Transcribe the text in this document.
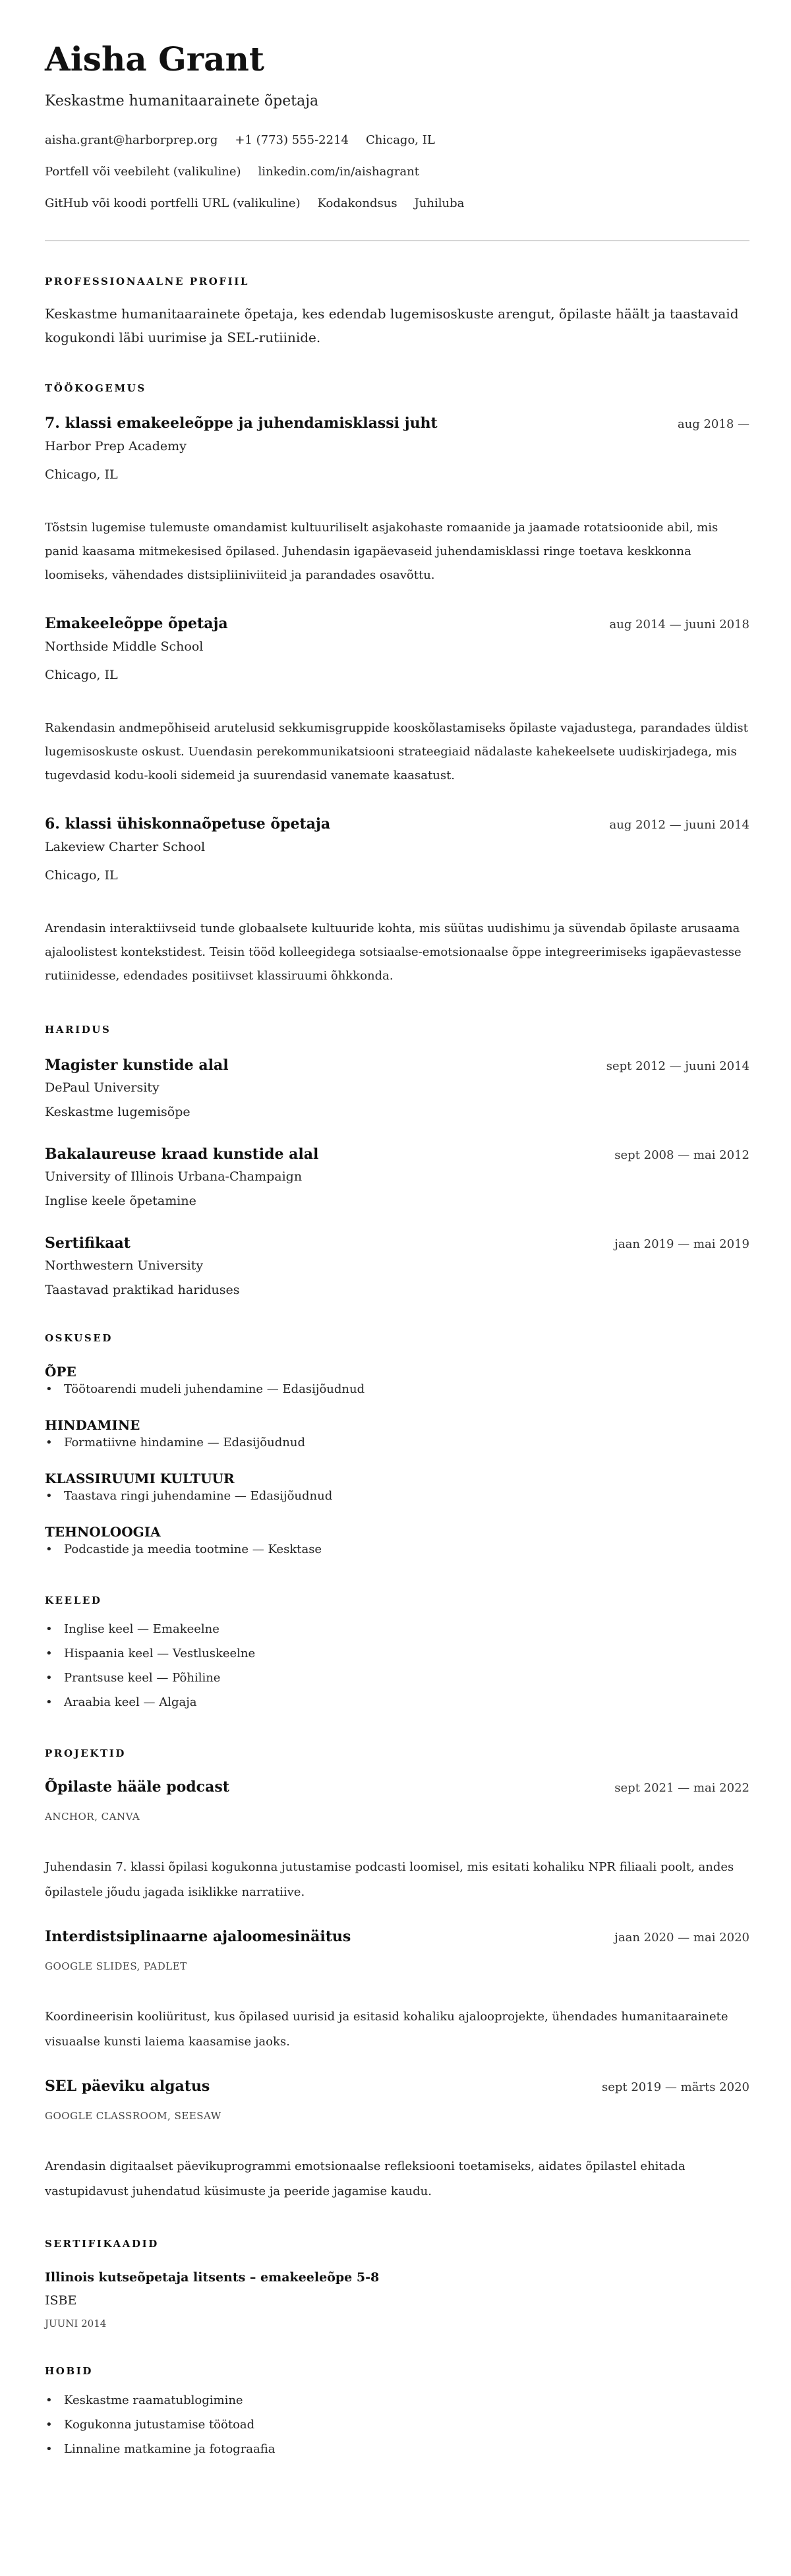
Aisha Grant
Keskastme humanitaarainete õpetaja
aisha.grant@harborprep.org +1 (773) 555-2214 Chicago, IL
Portfell või veebileht (valikuline) linkedin.com/in/aishagrant
GitHub või koodi portfelli URL (valikuline) Kodakondsus Juhiluba
PROFESSIONAALNE PROFIIL
Keskastme humanitaarainete õpetaja, kes edendab lugemisoskuste arengut, õpilaste häält ja taastavaid kogukondi läbi uurimise ja SEL-rutiinide.
TÖÖKOGEMUS
7. klassi emakeeleõppe ja juhendamisklassi juht	aug 2018 —
Harbor Prep Academy
Chicago, IL
Tõstsin lugemise tulemuste omandamist kultuuriliselt asjakohaste romaanide ja jaamade rotatsioonide abil, mis panid kaasama mitmekesised õpilased. Juhendasin igapäevaseid juhendamisklassi ringe toetava keskkonna loomiseks, vähendades distsipliiniviiteid ja parandades osavõttu.
Emakeeleõppe õpetaja	aug 2014 — juuni 2018
Northside Middle School
Chicago, IL
Rakendasin andmepõhiseid arutelusid sekkumisgruppide kooskõlastamiseks õpilaste vajadustega, parandades üldist lugemisoskuste oskust. Uuendasin perekommunikatsiooni strateegiaid nädalaste kahekeelsete uudiskirjadega, mis tugevdasid kodu-kooli sidemeid ja suurendasid vanemate kaasatust.
6. klassi ühiskonnaõpetuse õpetaja	aug 2012 — juuni 2014
Lakeview Charter School
Chicago, IL
Arendasin interaktiivseid tunde globaalsete kultuuride kohta, mis süütas uudishimu ja süvendab õpilaste arusaama ajaloolistest kontekstidest. Teisin tööd kolleegidega sotsiaalse-emotsionaalse õppe integreerimiseks igapäevastesse rutiinidesse, edendades positiivset klassiruumi õhkkonda.
HARIDUS
Magister kunstide alal	sept 2012 — juuni 2014
DePaul University
Keskastme lugemisõpe
Bakalaureuse kraad kunstide alal	sept 2008 — mai 2012
University of Illinois Urbana-Champaign
Inglise keele õpetamine
Sertifikaat	jaan 2019 — mai 2019
Northwestern University
Taastavad praktikad hariduses
OSKUSED
ÕPE
• Töötoarendi mudeli juhendamine — Edasijõudnud
HINDAMINE
• Formatiivne hindamine — Edasijõudnud
KLASSIRUUMI KULTUUR
• Taastava ringi juhendamine — Edasijõudnud
TEHNOLOOGIA
• Podcastide ja meedia tootmine — Kesktase
KEELED
• Inglise keel — Emakeelne
• Hispaania keel — Vestluskeelne
• Prantsuse keel — Põhiline
• Araabia keel — Algaja
PROJEKTID
Õpilaste hääle podcast	sept 2021 — mai 2022
ANCHOR, CANVA
Juhendasin 7. klassi õpilasi kogukonna jutustamise podcasti loomisel, mis esitati kohaliku NPR filiaali poolt, andes õpilastele jõudu jagada isiklikke narratiive.
Interdistsiplinaarne ajaloomesinäitus	jaan 2020 — mai 2020
GOOGLE SLIDES, PADLET
Koordineerisin kooliüritust, kus õpilased uurisid ja esitasid kohaliku ajalooprojekte, ühendades humanitaarainete visuaalse kunsti laiema kaasamise jaoks.
SEL päeviku algatus	sept 2019 — märts 2020
GOOGLE CLASSROOM, SEESAW
Arendasin digitaalset päevikuprogrammi emotsionaalse refleksiooni toetamiseks, aidates õpilastel ehitada vastupidavust juhendatud küsimuste ja peeride jagamise kaudu.
SERTIFIKAADID
Illinois kutseõpetaja litsents – emakeeleõpe 5-8
ISBE
JUUNI 2014
HOBID
• Keskastme raamatublogimine
• Kogukonna jutustamise töötoad
• Linnaline matkamine ja fotograafia
